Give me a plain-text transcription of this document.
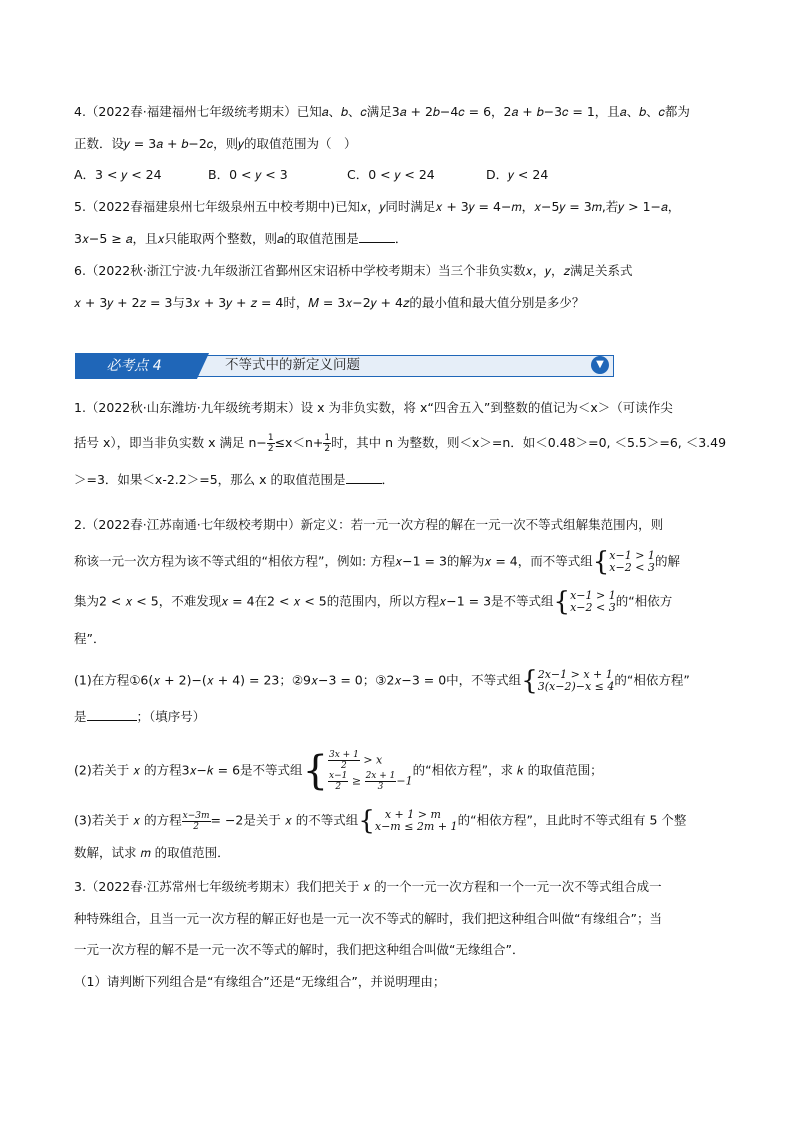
4.（2022春·福建福州七年级统考期末）已知𝑎、𝑏、𝑐满足3𝑎 + 2𝑏−4𝑐 = 6，2𝑎 + 𝑏−3𝑐 = 1，且𝑎、𝑏、𝑐都为
正数．设𝑦 = 3𝑎 + 𝑏−2𝑐，则𝑦的取值范围为（　）
A．3 < 𝑦 < 24	B．0 < 𝑦 < 3	C．0 < 𝑦 < 24	D．𝑦 < 24
5.（2022春福建泉州七年级泉州五中校考期中)已知𝑥，𝑦同时满足𝑥 + 3𝑦 = 4−𝑚，𝑥−5𝑦 = 3𝑚,若𝑦 > 1−𝑎，
3𝑥−5 ≥ 𝑎，且𝑥只能取两个整数，则𝑎的取值范围是	．
6.（2022秋·浙江宁波·九年级浙江省鄞州区宋诏桥中学校考期末）当三个非负实数𝑥，𝑦，𝑧满足关系式
𝑥 + 3𝑦 + 2𝑧 = 3与3𝑥 + 3𝑦 + 𝑧 = 4时，𝑀 = 3𝑥−2𝑦 + 4𝑧的最小值和最大值分别是多少？
必考点 4	不等式中的新定义问题	▼
1.（2022秋·山东潍坊·九年级统考期末）设 x 为非负实数，将 x“四舍五入”到整数的值记为＜x＞（可读作尖
括号 x），即当非负实数 x 满足 $n- \frac{1}{2} \le x<n+ \frac{1}{2}$ 时，其中 n 为整数，则＜x＞=n．如＜0.48＞=0, ＜5.5＞=6, ＜3.49
＞=3．如果＜x-2.2＞=5，那么 x 的取值范围是	．
2.（2022春·江苏南通·七年级校考期中）新定义：若一元一次方程的解在一元一次不等式组解集范围内，则
称该一元一次方程为该不等式组的“相依方程”，例如: 方程𝑥−1 = 3的解为𝑥 = 4，而不等式组{ 𝑥−1 > 1
𝑥−2 < 3 的解
集为2 < 𝑥 < 5，不难发现𝑥 = 4在2 < 𝑥 < 5的范围内，所以方程𝑥−1 = 3是不等式组{ 𝑥−1 > 1
𝑥−2 < 3 的“相依方
程”．
(1)在方程①6(𝑥 + 2)−(𝑥 + 4) = 23；②9𝑥−3 = 0；③2𝑥−3 = 0中，不等式组{ 2𝑥−1 > 𝑥 + 1
3(𝑥−2)−𝑥 ≤ 4 的“相依方程”
是	；（填序号）
(2)若关于 𝑥 的方程3𝑥−𝑘 = 6是不等式组{ $\frac{\text{3𝑥 + 1}}{2}$ > 𝑥
$\frac{\text{𝑥−1}}{2} \ge \frac{\text{2𝑥 + 1}}{3} -1$
的“相依方程”，求 𝑘 的取值范围；
(3)若关于 𝑥 的方程 $\frac{\text{𝑥−3𝑚}}{2} = -2$是关于 𝑥 的不等式组{ 𝑥 + 1 > 𝑚
𝑥−𝑚 ≤ 2𝑚 + 1 的“相依方程”，且此时不等式组有 5 个整
数解，试求 𝑚 的取值范围．
3.（2022春·江苏常州七年级统考期末）我们把关于 𝑥 的一个一元一次方程和一个一元一次不等式组合成一
种特殊组合，且当一元一次方程的解正好也是一元一次不等式的解时，我们把这种组合叫做“有缘组合”；当
一元一次方程的解不是一元一次不等式的解时，我们把这种组合叫做“无缘组合”．
（1）请判断下列组合是“有缘组合”还是“无缘组合”，并说明理由；
